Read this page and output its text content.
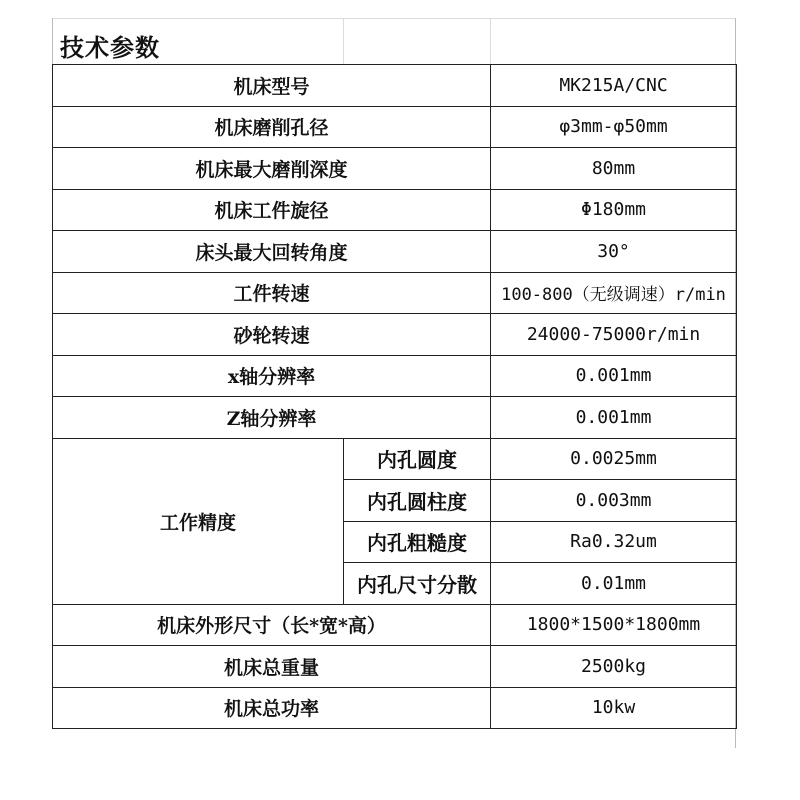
技术参数
机床型号		MK215A/CNC
机床磨削孔径		φ3mm-φ50mm
机床最大磨削深度		80mm
机床工件旋径		Φ180mm
床头最大回转角度		30°
工件转速		100-800（无级调速）r/min
砂轮转速		24000-75000r/min
x轴分辨率		0.001mm
Z轴分辨率		0.001mm
工作精度	内孔圆度	0.0025mm
	内孔圆柱度	0.003mm
	内孔粗糙度	Ra0.32um
	内孔尺寸分散	0.01mm
机床外形尺寸（长*宽*高）		1800*1500*1800mm
机床总重量		2500kg
机床总功率		10kw
